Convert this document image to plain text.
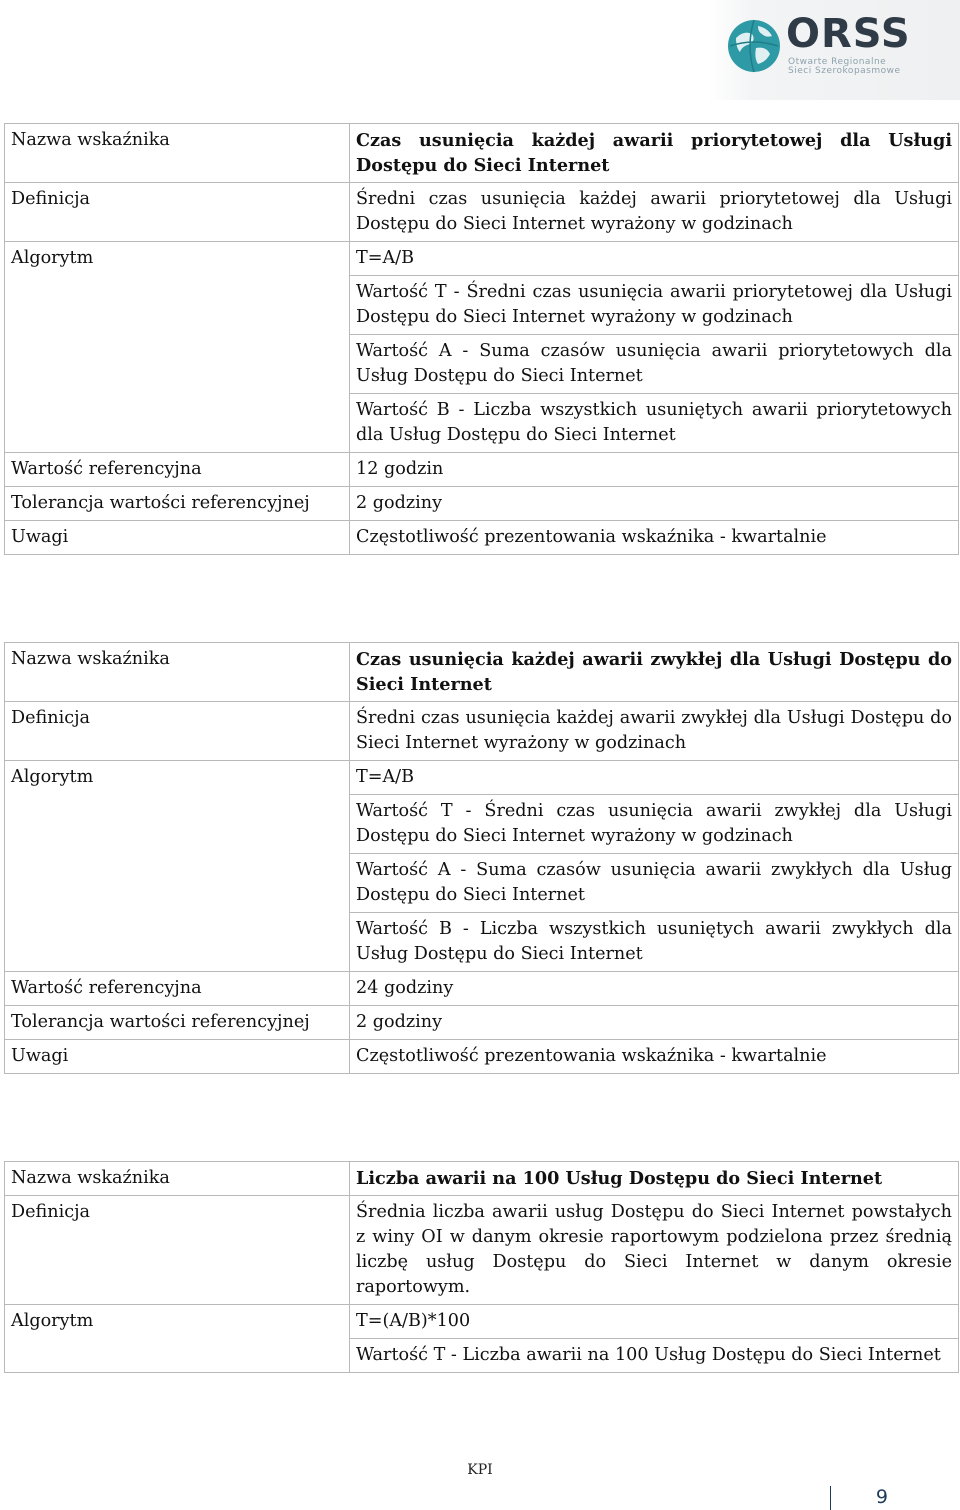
ORSS
Otwarte Regionalne
Sieci Szerokopasmowe
Nazwa wskaźnika	Czas usunięcia każdej awarii priorytetowej dla Usługi Dostępu do Sieci Internet
Definicja	Średni czas usunięcia każdej awarii priorytetowej dla Usługi Dostępu do Sieci Internet wyrażony w godzinach
Algorytm	T=A/B
	Wartość T - Średni czas usunięcia awarii priorytetowej dla Usługi Dostępu do Sieci Internet wyrażony w godzinach
	Wartość A - Suma czasów usunięcia awarii priorytetowych dla Usług Dostępu do Sieci Internet
	Wartość B - Liczba wszystkich usuniętych awarii priorytetowych dla Usług Dostępu do Sieci Internet
Wartość referencyjna	12 godzin
Tolerancja wartości referencyjnej	2 godziny
Uwagi	Częstotliwość prezentowania wskaźnika - kwartalnie
Nazwa wskaźnika	Czas usunięcia każdej awarii zwykłej dla Usługi Dostępu do Sieci Internet
Definicja	Średni czas usunięcia każdej awarii zwykłej dla Usługi Dostępu do Sieci Internet wyrażony w godzinach
Algorytm	T=A/B
	Wartość T - Średni czas usunięcia awarii zwykłej dla Usługi Dostępu do Sieci Internet wyrażony w godzinach
	Wartość A - Suma czasów usunięcia awarii zwykłych dla Usług Dostępu do Sieci Internet
	Wartość B - Liczba wszystkich usuniętych awarii zwykłych dla Usług Dostępu do Sieci Internet
Wartość referencyjna	24 godziny
Tolerancja wartości referencyjnej	2 godziny
Uwagi	Częstotliwość prezentowania wskaźnika - kwartalnie
Nazwa wskaźnika	Liczba awarii na 100 Usług Dostępu do Sieci Internet
Definicja	Średnia liczba awarii usług Dostępu do Sieci Internet powstałych z winy OI w danym okresie raportowym podzielona przez średnią liczbę usług Dostępu do Sieci Internet w danym okresie raportowym.
Algorytm	T=(A/B)*100
	Wartość T - Liczba awarii na 100 Usług Dostępu do Sieci Internet
KPI
9
